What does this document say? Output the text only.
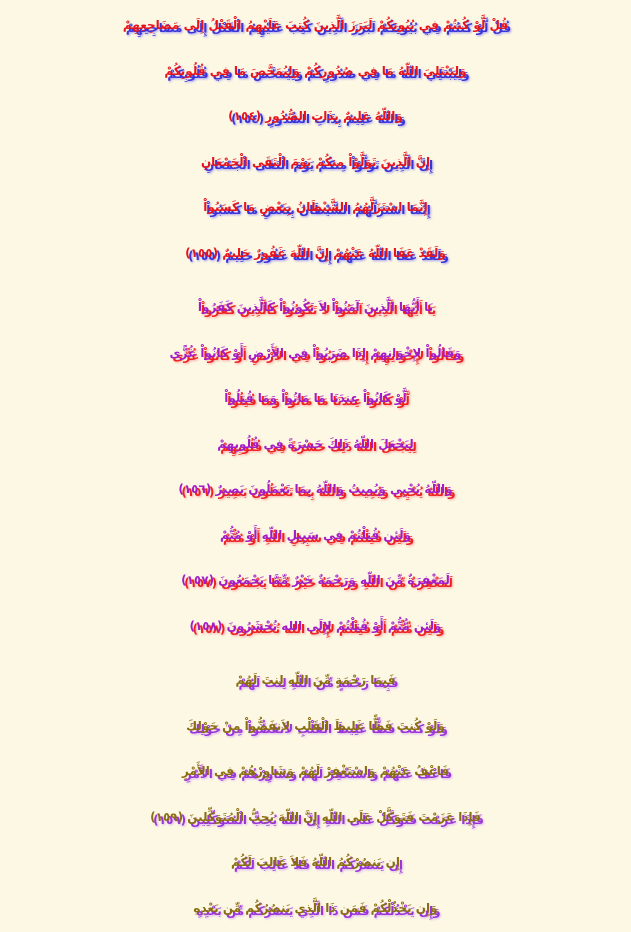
قُلْ لَّوْ كُنتُمْ فِي بُيُوتِكُمْ لَبَرَزَ الَّذِينَ كُتِبَ عَلَيْهِمُ الْقَتْلُ إِلَى مَضَاجِعِهِمْ
وَلِيَبْتَلِيَ اللّهُ مَا فِي صُدُورِكُمْ وَلِيُمَحَّصَ مَا فِي قُلُوبِكُمْ
وَاللّهُ عَلِيمٌ بِذَاتِ الصُّدُورِ (١٥٤)
إِنَّ الَّذِينَ تَوَلَّوْاْ مِنكُمْ يَوْمَ الْتَقَى الْجَمْعَانِ
إِنَّمَا اسْتَزَلَّهُمُ الشَّيْطَانُ بِبَعْضِ مَا كَسَبُواْ
وَلَقَدْ عَفَا اللّهُ عَنْهُمْ إِنَّ اللّهَ غَفُورٌ حَلِيمٌ (١٥٥)
يَا أَيُّهَا الَّذِينَ آمَنُواْ لاَ تَكُونُواْ كَالَّذِينَ كَفَرُواْ
وَقَالُواْ لإِخْوَانِهِمْ إِذَا ضَرَبُواْ فِي الأَرْضِ أَوْ كَانُواْ غُزًّى
لَّوْ كَانُواْ عِندَنَا مَا مَاتُواْ وَمَا قُتِلُواْ
لِيَجْعَلَ اللّهُ ذَلِكَ حَسْرَةً فِي قُلُوبِهِمْ
وَاللّهُ يُحْيِي وَيُمِيتُ وَاللّهُ بِمَا تَعْمَلُونَ بَصِيرٌ (١٥٦)
وَلَئِن قُتِلْتُمْ فِي سَبِيلِ اللّهِ أَوْ مُتُّمْ
لَمَغْفِرَةٌ مِّنَ اللّهِ وَرَحْمَةٌ خَيْرٌ مِّمَّا يَجْمَعُونَ (١٥٧)
وَلَئِن مُّتُّمْ أَوْ قُتِلْتُمْ لإِلَى الله تُحْشَرُونَ (١٥٨)
فَبِمَا رَحْمَةٍ مِّنَ اللّهِ لِنتَ لَهُمْ
وَلَوْ كُنتَ فَظًّا غَلِيظَ الْقَلْبِ لاَنفَضُّواْ مِنْ حَوْلِكَ
فَاعْفُ عَنْهُمْ وَاسْتَغْفِرْ لَهُمْ وَشَاوِرْهُمْ فِي الأَمْرِ
فَإِذَا عَزَمْتَ فَتَوَكَّلْ عَلَى اللّهِ إِنَّ اللّهَ يُحِبُّ الْمُتَوَكِّلِينَ (١٥٩)
إِن يَنصُرْكُمُ اللّهُ فَلاَ غَالِبَ لَكُمْ
وَإِن يَخْذُلْكُمْ فَمَن ذَا الَّذِي يَنصُرُكُم مِّن بَعْدِهِ
